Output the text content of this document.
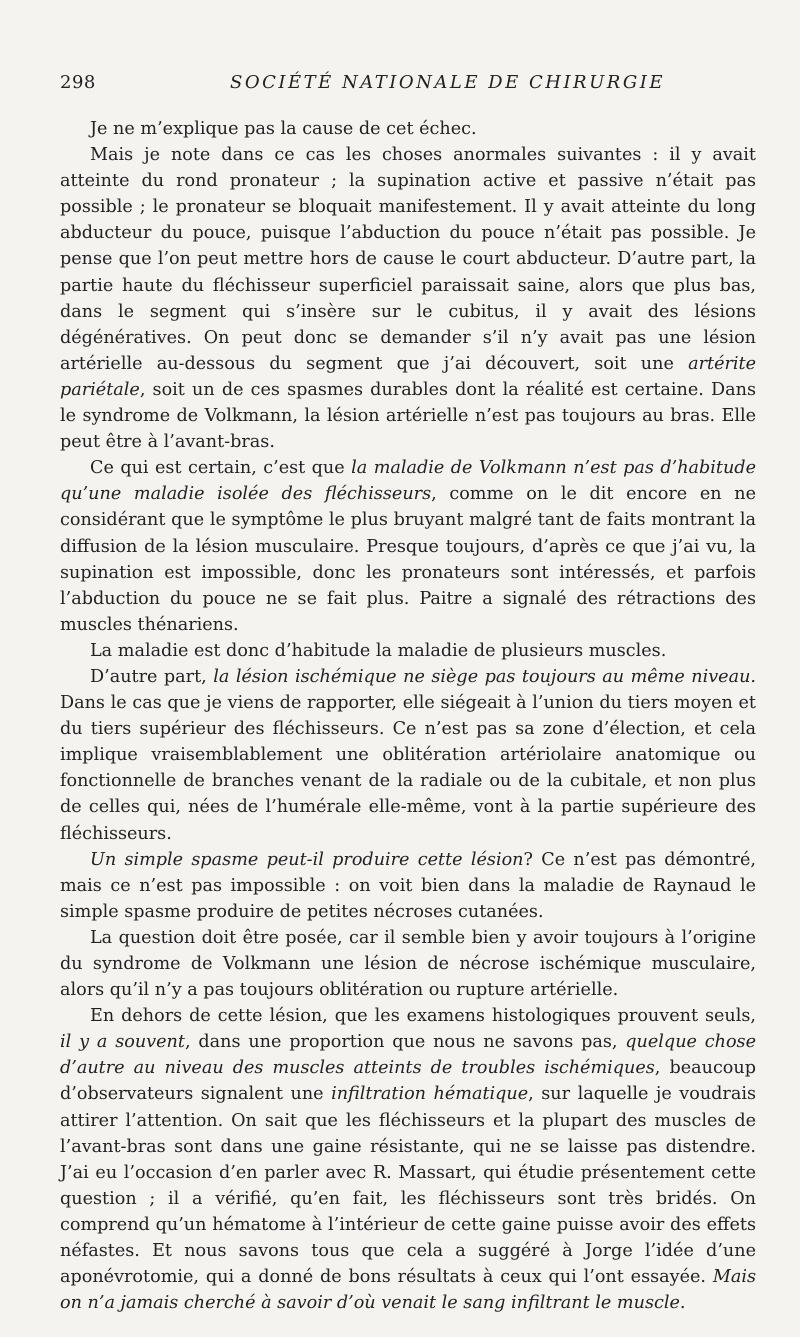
298	SOCIÉTÉ NATIONALE DE CHIRURGIE

Je ne m’explique pas la cause de cet échec.

Mais je note dans ce cas les choses anormales suivantes : il y avait atteinte du rond pronateur ; la supination active et passive n’était pas possible ; le pronateur se bloquait manifestement. Il y avait atteinte du long abducteur du pouce, puisque l’abduction du pouce n’était pas possible. Je pense que l’on peut mettre hors de cause le court abducteur. D’autre part, la partie haute du fléchisseur superficiel paraissait saine, alors que plus bas, dans le segment qui s’insère sur le cubitus, il y avait des lésions dégénératives. On peut donc se demander s’il n’y avait pas une lésion artérielle au-dessous du segment que j’ai découvert, soit une artérite pariétale, soit un de ces spasmes durables dont la réalité est certaine. Dans le syndrome de Volkmann, la lésion artérielle n’est pas toujours au bras. Elle peut être à l’avant-bras.

Ce qui est certain, c’est que la maladie de Volkmann n’est pas d’habitude qu’une maladie isolée des fléchisseurs, comme on le dit encore en ne considérant que le symptôme le plus bruyant malgré tant de faits montrant la diffusion de la lésion musculaire. Presque toujours, d’après ce que j’ai vu, la supination est impossible, donc les pronateurs sont intéressés, et parfois l’abduction du pouce ne se fait plus. Paitre a signalé des rétractions des muscles thénariens.

La maladie est donc d’habitude la maladie de plusieurs muscles.

D’autre part, la lésion ischémique ne siège pas toujours au même niveau. Dans le cas que je viens de rapporter, elle siégeait à l’union du tiers moyen et du tiers supérieur des fléchisseurs. Ce n’est pas sa zone d’élection, et cela implique vraisemblablement une oblitération artériolaire anatomique ou fonctionnelle de branches venant de la radiale ou de la cubitale, et non plus de celles qui, nées de l’humérale elle-même, vont à la partie supérieure des fléchisseurs.

Un simple spasme peut-il produire cette lésion? Ce n’est pas démontré, mais ce n’est pas impossible : on voit bien dans la maladie de Raynaud le simple spasme produire de petites nécroses cutanées.

La question doit être posée, car il semble bien y avoir toujours à l’origine du syndrome de Volkmann une lésion de nécrose ischémique musculaire, alors qu’il n’y a pas toujours oblitération ou rupture artérielle.

En dehors de cette lésion, que les examens histologiques prouvent seuls, il y a souvent, dans une proportion que nous ne savons pas, quelque chose d’autre au niveau des muscles atteints de troubles ischémiques, beaucoup d’observateurs signalent une infiltration hématique, sur laquelle je voudrais attirer l’attention. On sait que les fléchisseurs et la plupart des muscles de l’avant-bras sont dans une gaine résistante, qui ne se laisse pas distendre. J’ai eu l’occasion d’en parler avec R. Massart, qui étudie présentement cette question ; il a vérifié, qu’en fait, les fléchisseurs sont très bridés. On comprend qu’un hématome à l’intérieur de cette gaine puisse avoir des effets néfastes. Et nous savons tous que cela a suggéré à Jorge l’idée d’une aponévrotomie, qui a donné de bons résultats à ceux qui l’ont essayée. Mais on n’a jamais cherché à savoir d’où venait le sang infiltrant le muscle.
